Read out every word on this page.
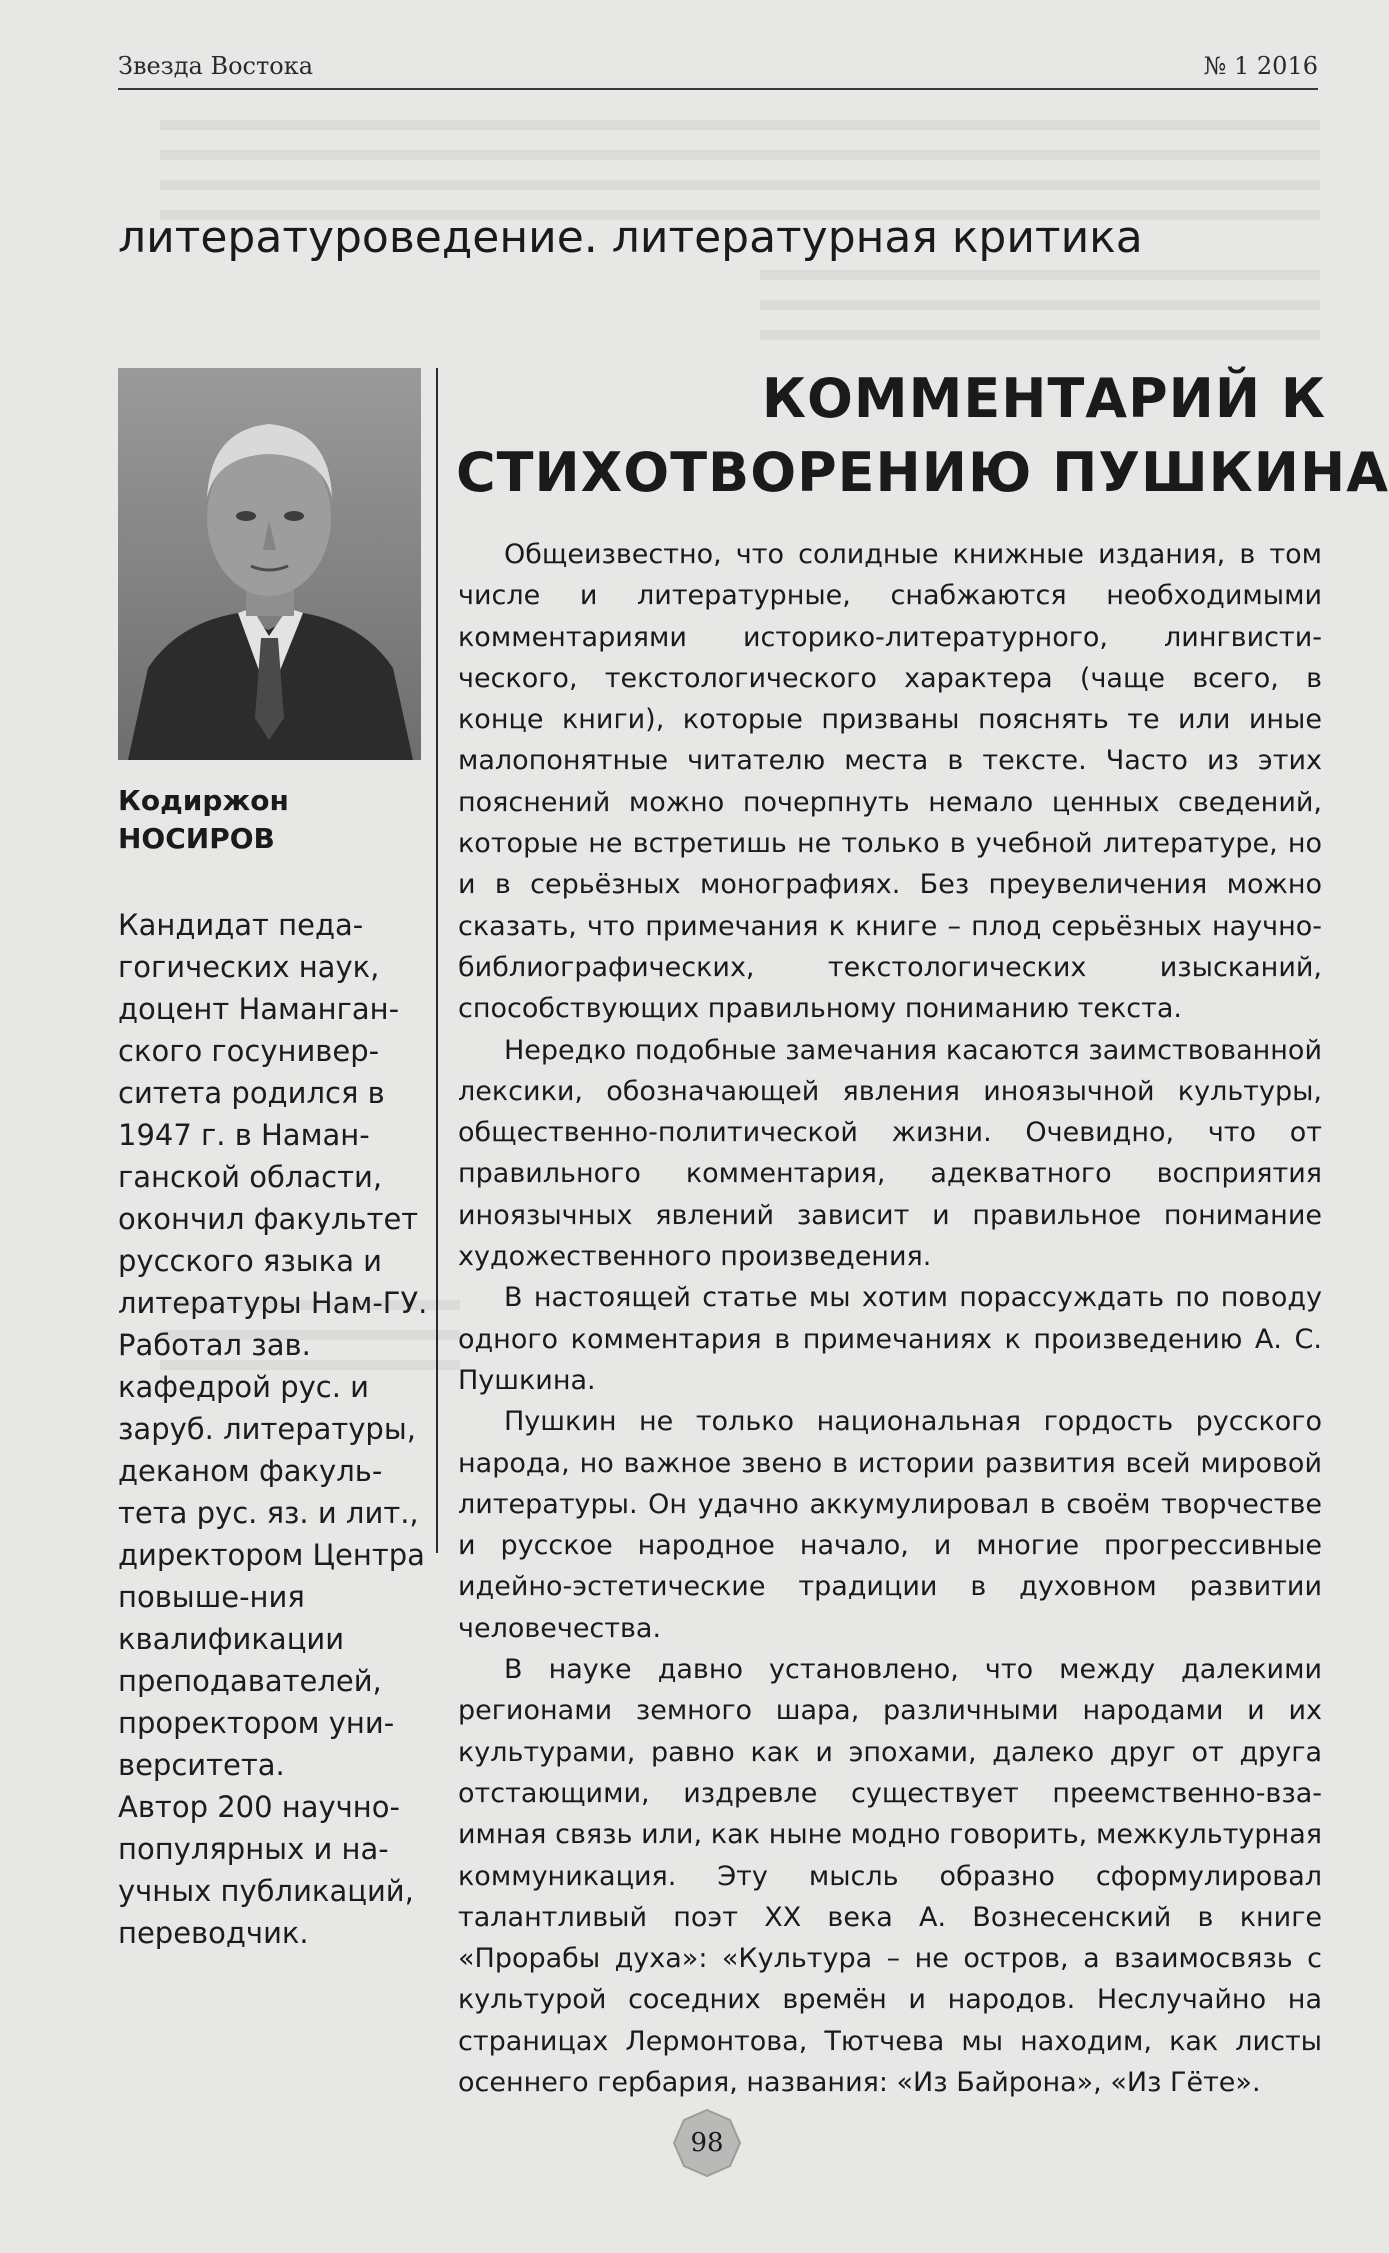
Звезда Востока	№ 1 2016
литературоведение. литературная критика
Кодиржон
НОСИРОВ

Кандидат педа-гогических наук, доцент Наманган-ского госунивер-ситета родился в 1947 г. в Наман-ганской области, окончил факультет русского языка и литературы Нам-ГУ. Работал зав. кафедрой рус. и заруб. литературы, деканом факуль-тета рус. яз. и лит., директором Центра повыше-ния квалификации преподавателей, проректором уни-верситета.

Автор 200 научно-популярных и на-учных публикаций, переводчик.

КОММЕНТАРИЙ К
СТИХОТВОРЕНИЮ ПУШКИНА

Общеизвестно, что солидные книжные издания, в том числе и литературные, снабжаются необходимыми комментариями историко-литературного, лингвистического, текстологического характера (чаще всего, в конце книги), которые призваны пояснять те или иные малопонятные читателю места в тексте. Часто из этих пояснений можно почерпнуть немало ценных сведений, которые не встретишь не только в учебной литературе, но и в серьёзных монографиях. Без преувеличения можно сказать, что примечания к книге – плод серьёзных научно-библиографических, текстологических изысканий, способствующих правильному пониманию текста.

Нередко подобные замечания касаются заимствованной лексики, обозначающей явления иноязычной культуры, общественно-политической жизни. Очевидно, что от правильного комментария, адекватного восприятия иноязычных явлений зависит и правильное понимание художественного произведения.

В настоящей статье мы хотим порассуждать по поводу одного комментария в примечаниях к произведению А. С. Пушкина.

Пушкин не только национальная гордость русского народа, но важное звено в истории развития всей мировой литературы. Он удачно аккумулировал в своём творчестве и русское народное начало, и многие прогрессивные идейно-эстетические традиции в духовном развитии человечества.

В науке давно установлено, что между далекими регионами земного шара, различными народами и их культурами, равно как и эпохами, далеко друг от друга отстающими, издревле существует преемственно-взаимная связь или, как ныне модно говорить, межкультурная коммуникация. Эту мысль образно сформулировал талантливый поэт XX века А. Вознесенский в книге «Прорабы духа»: «Культура – не остров, а взаимосвязь с культурой соседних времён и народов. Неслучайно на страницах Лермонтова, Тютчева мы находим, как листы осеннего гербария, названия: «Из Байрона», «Из Гёте».

98
